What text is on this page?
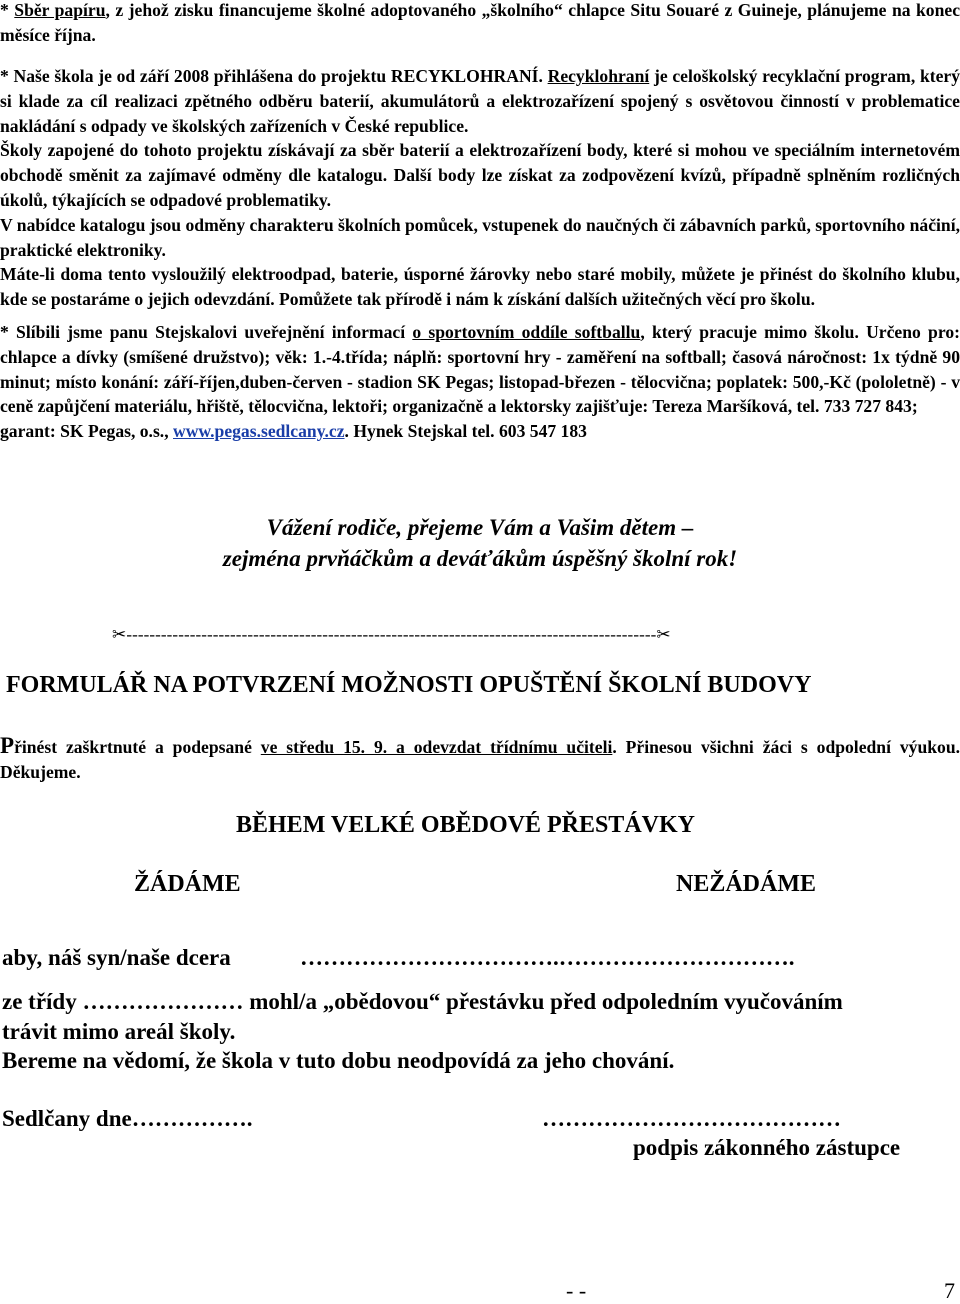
* Sběr papíru, z jehož zisku financujeme školné adoptovaného „školního“ chlapce Situ Souaré z Guineje, plánujeme na konec měsíce října.

* Naše škola je od září 2008 přihlášena do projektu RECYKLOHRANÍ. Recyklohraní je celoškolský recyklační program, který si klade za cíl realizaci zpětného odběru baterií, akumulátorů a elektrozařízení spojený s osvětovou činností v problematice nakládání s odpady ve školských zařízeních v České republice.
Školy zapojené do tohoto projektu získávají za sběr baterií a elektrozařízení body, které si mohou ve speciálním internetovém obchodě směnit za zajímavé odměny dle katalogu. Další body lze získat za zodpovězení kvízů, případně splněním rozličných úkolů, týkajících se odpadové problematiky.
V nabídce katalogu jsou odměny charakteru školních pomůcek, vstupenek do naučných či zábavních parků, sportovního náčiní, praktické elektroniky.
Máte-li doma tento vysloužilý elektroodpad, baterie, úsporné žárovky nebo staré mobily, můžete je přinést do školního klubu, kde se postaráme o jejich odevzdání. Pomůžete tak přírodě i nám k získání dalších užitečných věcí pro školu.

* Slíbili jsme panu Stejskalovi uveřejnění informací o sportovním oddíle softballu, který pracuje mimo školu. Určeno pro: chlapce a dívky (smíšené družstvo); věk: 1.-4.třída; náplň: sportovní hry - zaměření na softball; časová náročnost: 1x týdně 90 minut; místo konání: září-říjen,duben-červen - stadion SK Pegas; listopad-březen - tělocvična; poplatek: 500,-Kč (pololetně) - v ceně zapůjčení materiálu, hřiště, tělocvična, lektoři; organizačně a lektorsky zajišťuje: Tereza Maršíková, tel. 733 727 843;
garant: SK Pegas, o.s., www.pegas.sedlcany.cz. Hynek Stejskal tel. 603 547 183

Vážení rodiče, přejeme Vám a Vašim dětem –
zejména prvňáčkům a deváťákům úspěšný školní rok!
✂--------------------------------------------------------------------------------------------✂
FORMULÁŘ NA POTVRZENÍ MOŽNOSTI OPUŠTĚNÍ ŠKOLNÍ BUDOVY

Přinést zaškrtnuté a podepsané ve středu 15. 9. a odevzdat třídnímu učiteli. Přinesou všichni žáci s odpolední výukou. Děkujeme.

BĚHEM VELKÉ OBĚDOVÉ PŘESTÁVKY
ŽÁDÁME	NEŽÁDÁME
aby, náš syn/naše dcera	…………………………….………………………….
ze třídy ………………… mohl/a „obědovou“ přestávku před odpoledním vyučováním
trávit mimo areál školy.
Bereme na vědomí, že škola v tuto dobu neodpovídá za jeho chování.
Sedlčany dne…………….	…………………………………
podpis zákonného zástupce
- -	7
